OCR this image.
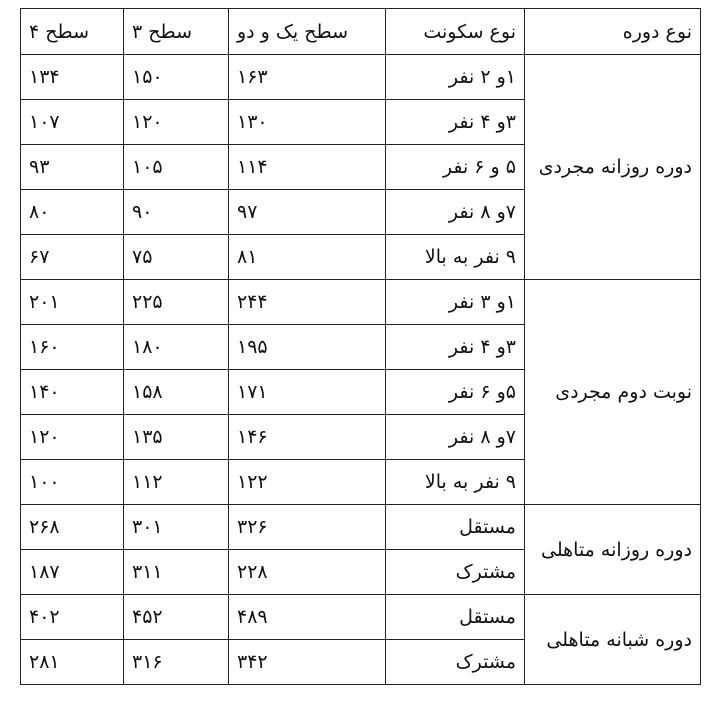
نوع دوره	نوع سکونت	سطح یک و دو	سطح ۳	سطح ۴
دوره روزانه مجردی	۱و ۲ نفر	۱۶۳	۱۵۰	۱۳۴
	۳و ۴ نفر	۱۳۰	۱۲۰	۱۰۷
	۵ و ۶ نفر	۱۱۴	۱۰۵	۹۳
	۷و ۸ نفر	۹۷	۹۰	۸۰
	۹ نفر به بالا	۸۱	۷۵	۶۷
نوبت دوم مجردی	۱و ۳ نفر	۲۴۴	۲۲۵	۲۰۱
	۳و ۴ نفر	۱۹۵	۱۸۰	۱۶۰
	۵و ۶ نفر	۱۷۱	۱۵۸	۱۴۰
	۷و ۸ نفر	۱۴۶	۱۳۵	۱۲۰
	۹ نفر به بالا	۱۲۲	۱۱۲	۱۰۰
دوره روزانه متاهلی	مستقل	۳۲۶	۳۰۱	۲۶۸
	مشترک	۲۲۸	۳۱۱	۱۸۷
دوره شبانه متاهلی	مستقل	۴۸۹	۴۵۲	۴۰۲
	مشترک	۳۴۲	۳۱۶	۲۸۱
